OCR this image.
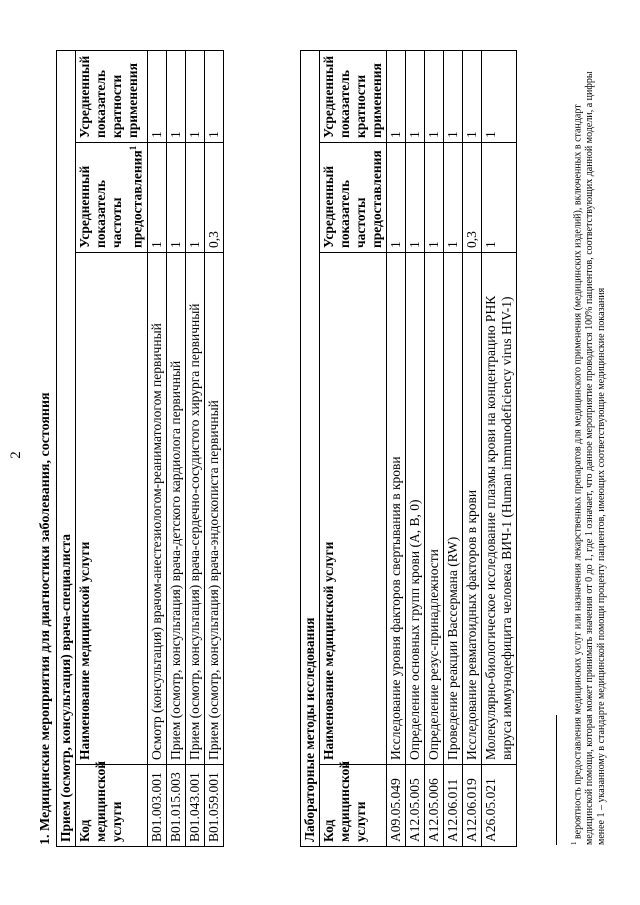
2 1. Медицинские мероприятия для диагностики заболевания, состояния Прием (осмотр, консультация) врача-специалиста			
Код медицинской услуги	Наименование медицинской услуги	Усредненный показатель частоты предоставления$^1$	Усредненный показатель кратности применения
B01.003.001	Осмотр (консультация) врачом-анестезиологом-реаниматологом первичный	1	1
B01.015.003	Прием (осмотр, консультация) врача-детского кардиолога первичный	1	1
B01.043.001	Прием (осмотр, консультация) врача-сердечно-сосудистого хирурга первичный	1	1
B01.059.001	Прием (осмотр, консультация) врача-эндоскописта первичный	0,3	1
Лабораторные методы исследования			
Код медицинской услуги	Наименование медицинской услуги	Усредненный показатель частоты предоставления	Усредненный показатель кратности применения
A09.05.049	Исследование уровня факторов свертывания в крови	1	1
A12.05.005	Определение основных групп крови (А, В, 0)	1	1
A12.05.006	Определение резус-принадлежности	1	1
A12.06.011	Проведение реакции Вассермана (RW)	1	1
A12.06.019	Исследование ревматоидных факторов в крови	0,3	1
A26.05.021	Молекулярно-биологическое исследование плазмы крови на концентрацию РНК вируса иммунодефицита человека ВИЧ-1 (Human immunodeficiency virus HIV-1)	1	1
$^1$ вероятность предоставления медицинских услуг или назначения лекарственных препаратов для медицинского применения (медицинских изделий), включенных в стандарт медицинской помощи, которая может принимать значения от 0 до 1, где 1 означает, что данное мероприятие проводится 100% пациентов, соответствующих данной модели, а цифры менее 1 – указанному в стандарте медицинской помощи проценту пациентов, имеющих соответствующие медицинские показания
